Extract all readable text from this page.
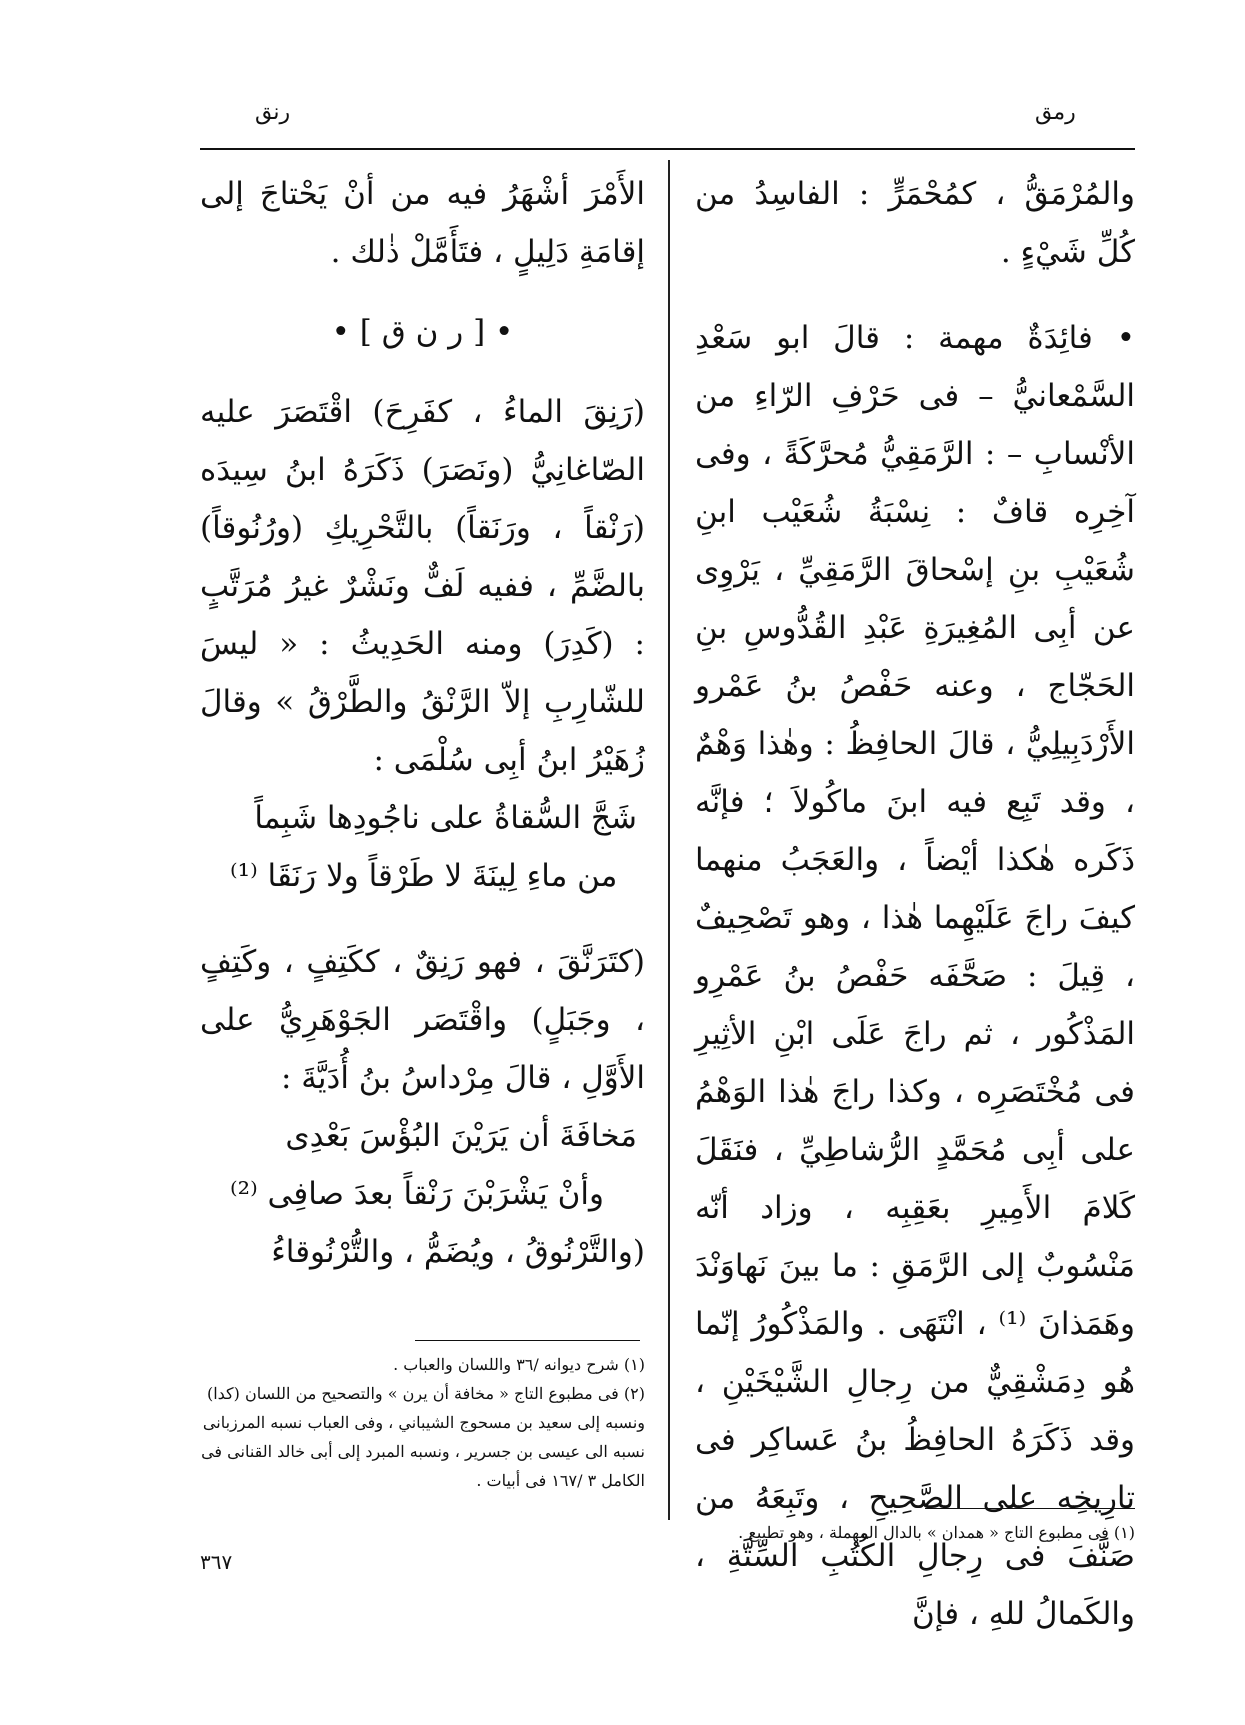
رمق
رنق

والمُرْمَقُّ ، كمُحْمَرٍّ : الفاسِدُ من كُلِّ شَيْءٍ .

• فائِدَةٌ مهمة : قالَ ابو سَعْدِ السَّمْعانيُّ – فى حَرْفِ الرّاءِ من الأنْسابِ – : الرَّمَقِيُّ مُحرَّكَةً ، وفى آخِرِه قافٌ : نِسْبَةُ شُعَيْب ابنِ شُعَيْبِ بنِ إسْحاقَ الرَّمَقِيِّ ، يَرْوِى عن أبِى المُغِيرَةِ عَبْدِ القُدُّوسِ بنِ الحَجّاج ، وعنه حَفْصُ بنُ عَمْرو الأَرْدَبِيلِيُّ ، قالَ الحافِظُ : وهٰذا وَهْمٌ ، وقد تَبِع فيه ابنَ ماكُولاَ ؛ فإنَّه ذَكَره هٰكذا أيْضاً ، والعَجَبُ منهما كيفَ راجَ عَلَيْهِما هٰذا ، وهو تَصْحِيفٌ ، قِيلَ : صَحَّفَه حَفْصُ بنُ عَمْرِو المَذْكُور ، ثم راجَ عَلَى ابْنِ الأثِيرِ فى مُخْتَصَرِه ، وكذا راجَ هٰذا الوَهْمُ على أبِى مُحَمَّدٍ الرُّشاطِيِّ ، فنَقَلَ كَلامَ الأَمِيرِ بعَقِبِه ، وزاد أنّه مَنْسُوبٌ إلى الرَّمَقِ : ما بينَ نَهاوَنْدَ وهَمَذانَ ⁽¹⁾ ، انْتَهَى . والمَذْكُورُ إنّما هُو دِمَشْقِيٌّ من رِجالِ الشَّيْخَيْنِ ، وقد ذَكَرَهُ الحافِظُ بنُ عَساكِر فى تارِيخِه على الصَّحِيحِ ، وتَبِعَهُ من صَنَّفَ فى رِجالِ الكُتُبِ السِّتَّةِ ، والكَمالُ للهِ ، فإنَّ

(١) فى مطبوع التاج « همدان » بالدال المهملة ، وهو تطبيع .

الأَمْرَ أشْهَرُ فيه من أنْ يَحْتاجَ إلى إقامَةِ دَلِيلٍ ، فتَأَمَّلْ ذٰلك .

• [ ر ن ق ] •

(رَنِقَ الماءُ ، كفَرِحَ) اقْتَصَرَ عليه الصّاغانِيُّ (ونَصَرَ) ذَكَرَهُ ابنُ سِيدَه (رَنْقاً ، ورَنَقاً) بالتَّحْرِيكِ (ورُنُوقاً) بالضَّمِّ ، ففيه لَفٌّ ونَشْرٌ غيرُ مُرَتَّبٍ : (كَدِرَ) ومنه الحَدِيثُ : « ليسَ للشّارِبِ إلاّ الرَّنْقُ والطَّرْقُ » وقالَ زُهَيْرُ ابنُ أبِى سُلْمَى :

شَجَّ السُّقاةُ على ناجُودِها شَبِماً
من ماءِ لِينَةَ لا طَرْقاً ولا رَنَقَا ⁽¹⁾

(كتَرَنَّقَ ، فهو رَنِقٌ ، ككَتِفٍ ، وكَتِفٍ ، وجَبَلٍ) واقْتَصَر الجَوْهَرِيُّ على الأَوَّلِ ، قالَ مِرْداسُ بنُ أُدَيَّةَ :

مَخافَةَ أن يَرَيْنَ البُؤْسَ بَعْدِى
وأنْ يَشْرَبْنَ رَنْقاً بعدَ صافِى ⁽²⁾

(والتَّرْنُوقُ ، ويُضَمُّ ، والتُّرْنُوقاءُ

(١) شرح ديوانه /٣٦ واللسان والعباب .

(٢) فى مطبوع التاج « مخافة أن يرن » والتصحيح من اللسان (كدا) ونسبه إلى سعيد بن مسحوج الشيباني ، وفى العباب نسبه المرزبانى نسبه الى عيسى بن جسرير ، ونسبه المبرد إلى أبى خالد القنانى فى الكامل ٣ /١٦٧ فى أبيات .

٣٦٧
